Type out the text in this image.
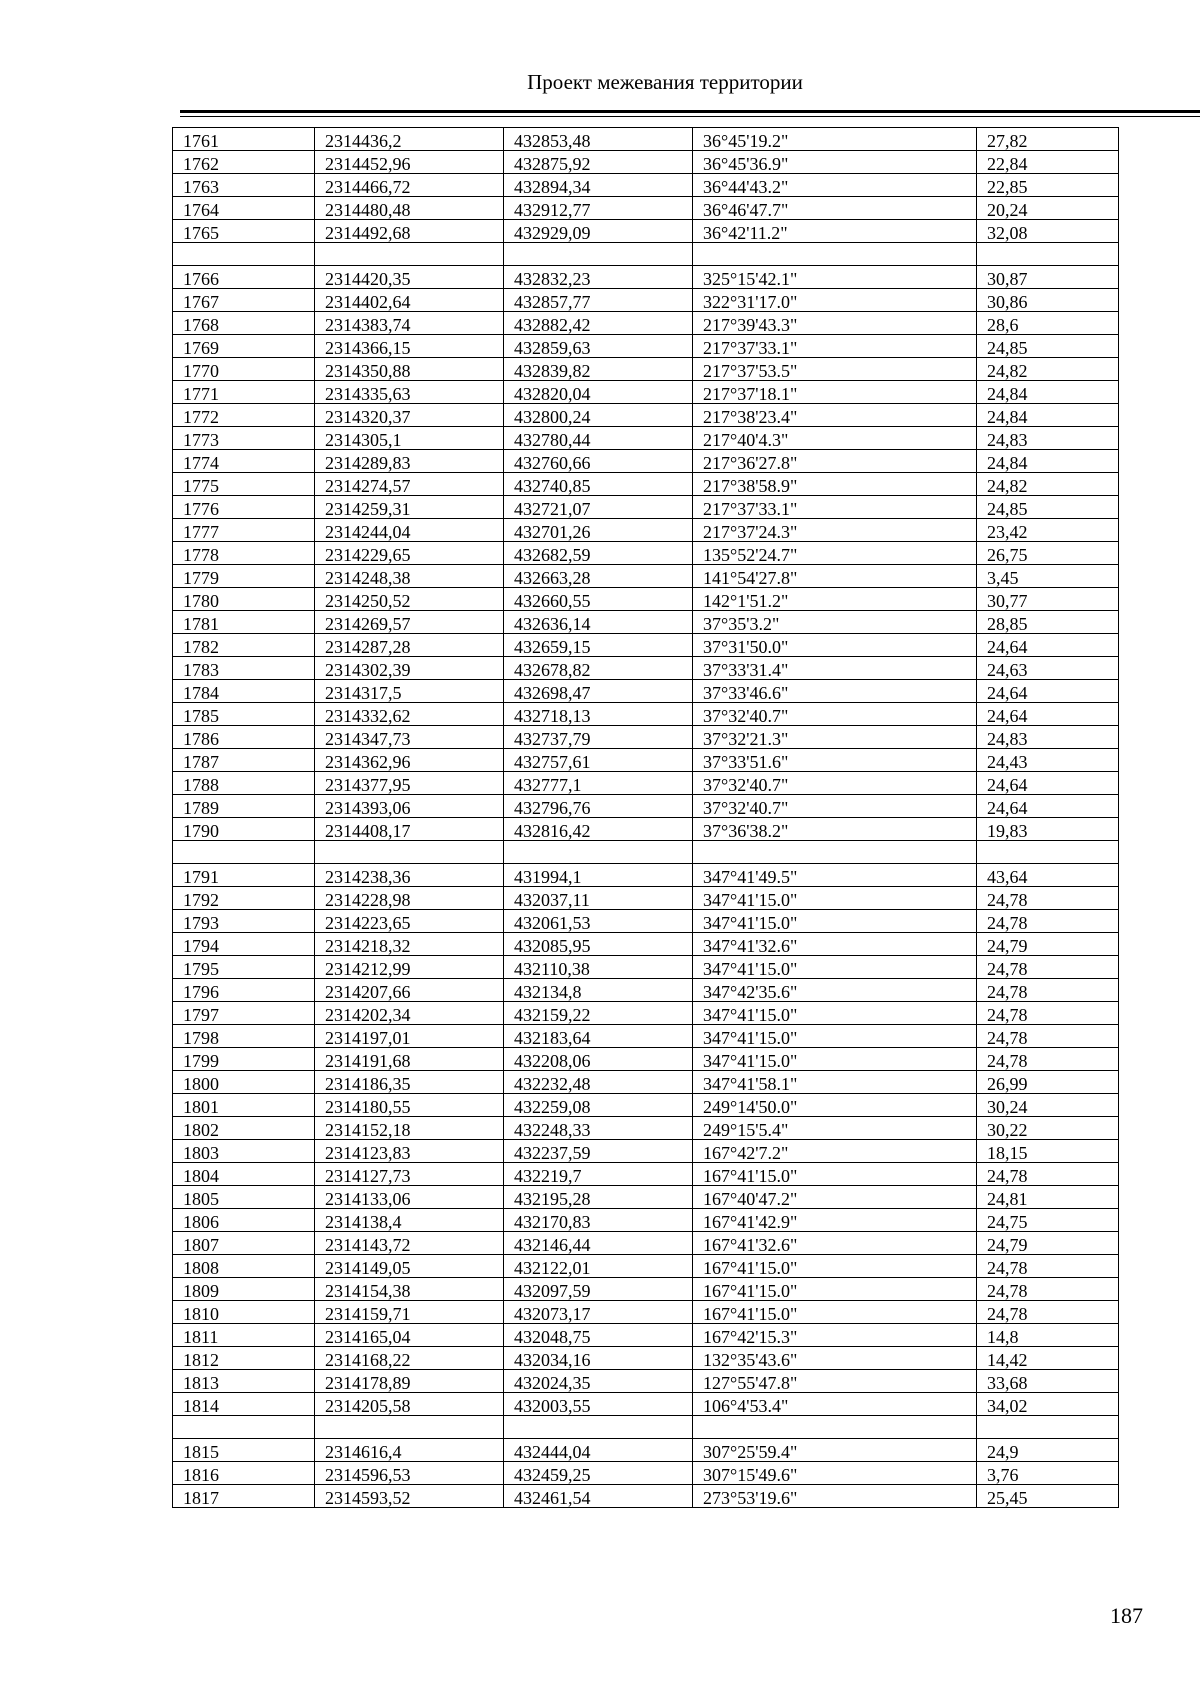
Проект межевания территории
1761	2314436,2	432853,48	36°45'19.2"	27,82
1762	2314452,96	432875,92	36°45'36.9"	22,84
1763	2314466,72	432894,34	36°44'43.2"	22,85
1764	2314480,48	432912,77	36°46'47.7"	20,24
1765	2314492,68	432929,09	36°42'11.2"	32,08

1766	2314420,35	432832,23	325°15'42.1"	30,87
1767	2314402,64	432857,77	322°31'17.0"	30,86
1768	2314383,74	432882,42	217°39'43.3"	28,6
1769	2314366,15	432859,63	217°37'33.1"	24,85
1770	2314350,88	432839,82	217°37'53.5"	24,82
1771	2314335,63	432820,04	217°37'18.1"	24,84
1772	2314320,37	432800,24	217°38'23.4"	24,84
1773	2314305,1	432780,44	217°40'4.3"	24,83
1774	2314289,83	432760,66	217°36'27.8"	24,84
1775	2314274,57	432740,85	217°38'58.9"	24,82
1776	2314259,31	432721,07	217°37'33.1"	24,85
1777	2314244,04	432701,26	217°37'24.3"	23,42
1778	2314229,65	432682,59	135°52'24.7"	26,75
1779	2314248,38	432663,28	141°54'27.8"	3,45
1780	2314250,52	432660,55	142°1'51.2"	30,77
1781	2314269,57	432636,14	37°35'3.2"	28,85
1782	2314287,28	432659,15	37°31'50.0"	24,64
1783	2314302,39	432678,82	37°33'31.4"	24,63
1784	2314317,5	432698,47	37°33'46.6"	24,64
1785	2314332,62	432718,13	37°32'40.7"	24,64
1786	2314347,73	432737,79	37°32'21.3"	24,83
1787	2314362,96	432757,61	37°33'51.6"	24,43
1788	2314377,95	432777,1	37°32'40.7"	24,64
1789	2314393,06	432796,76	37°32'40.7"	24,64
1790	2314408,17	432816,42	37°36'38.2"	19,83

1791	2314238,36	431994,1	347°41'49.5"	43,64
1792	2314228,98	432037,11	347°41'15.0"	24,78
1793	2314223,65	432061,53	347°41'15.0"	24,78
1794	2314218,32	432085,95	347°41'32.6"	24,79
1795	2314212,99	432110,38	347°41'15.0"	24,78
1796	2314207,66	432134,8	347°42'35.6"	24,78
1797	2314202,34	432159,22	347°41'15.0"	24,78
1798	2314197,01	432183,64	347°41'15.0"	24,78
1799	2314191,68	432208,06	347°41'15.0"	24,78
1800	2314186,35	432232,48	347°41'58.1"	26,99
1801	2314180,55	432259,08	249°14'50.0"	30,24
1802	2314152,18	432248,33	249°15'5.4"	30,22
1803	2314123,83	432237,59	167°42'7.2"	18,15
1804	2314127,73	432219,7	167°41'15.0"	24,78
1805	2314133,06	432195,28	167°40'47.2"	24,81
1806	2314138,4	432170,83	167°41'42.9"	24,75
1807	2314143,72	432146,44	167°41'32.6"	24,79
1808	2314149,05	432122,01	167°41'15.0"	24,78
1809	2314154,38	432097,59	167°41'15.0"	24,78
1810	2314159,71	432073,17	167°41'15.0"	24,78
1811	2314165,04	432048,75	167°42'15.3"	14,8
1812	2314168,22	432034,16	132°35'43.6"	14,42
1813	2314178,89	432024,35	127°55'47.8"	33,68
1814	2314205,58	432003,55	106°4'53.4"	34,02

1815	2314616,4	432444,04	307°25'59.4"	24,9
1816	2314596,53	432459,25	307°15'49.6"	3,76
1817	2314593,52	432461,54	273°53'19.6"	25,45
187
